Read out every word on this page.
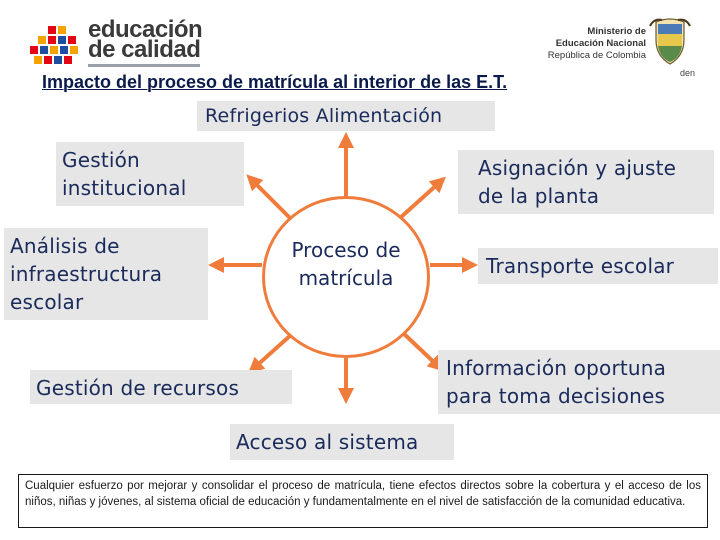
educación
de calidad
Ministerio de
Educación Nacional
República de Colombia
den
Impacto del proceso de matrícula al interior de las E.T.
Proceso de matrícula
Refrigerios Alimentación
Gestión institucional
Asignación y ajuste de la planta
Análisis de infraestructura escolar
Transporte escolar
Gestión de recursos
Información oportuna para toma decisiones
Acceso al sistema
Cualquier esfuerzo por mejorar y consolidar el proceso de matrícula, tiene efectos directos sobre la cobertura y el acceso de los niños, niñas y jóvenes, al sistema oficial de educación y fundamentalmente en el nivel de satisfacción de la comunidad educativa.
